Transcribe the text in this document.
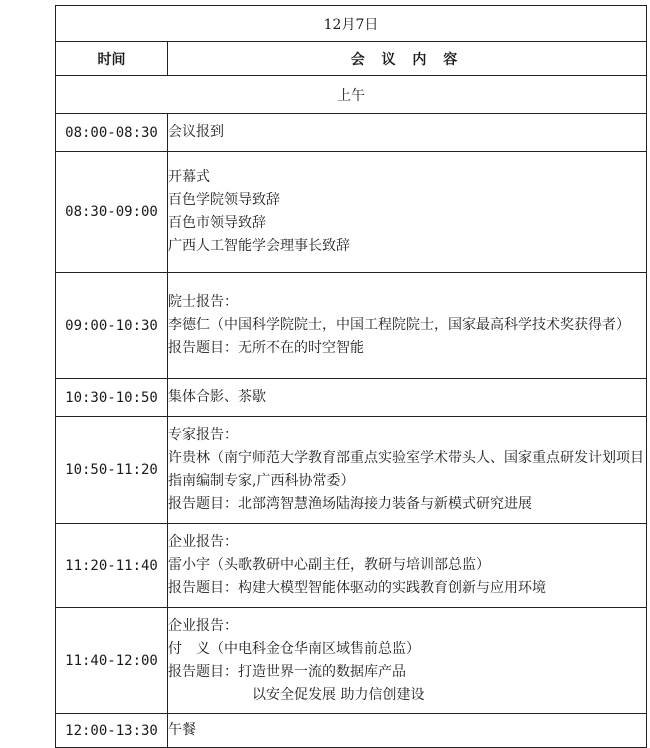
12月7日	
时间	会 议 内 容
上午	
08:00-08:30	会议报到

08:30-09:00	开幕式
百色学院领导致辞
百色市领导致辞
广西人工智能学会理事长致辞

09:00-10:30	院士报告：
李德仁（中国科学院院士，中国工程院院士，国家最高科学技术奖获得者）
报告题目：无所不在的时空智能

10:30-10:50	集体合影、茶歇

10:50-11:20	专家报告：
许贵林（南宁师范大学教育部重点实验室学术带头人、国家重点研发计划项目指南编制专家,广西科协常委）
报告题目：北部湾智慧渔场陆海接力装备与新模式研究进展

11:20-11:40	企业报告：
雷小宇（头歌教研中心副主任，教研与培训部总监）
报告题目：构建大模型智能体驱动的实践教育创新与应用环境

11:40-12:00	企业报告：
付　义（中电科金仓华南区域售前总监）
报告题目：打造世界一流的数据库产品
以安全促发展 助力信创建设

12:00-13:30	午餐
